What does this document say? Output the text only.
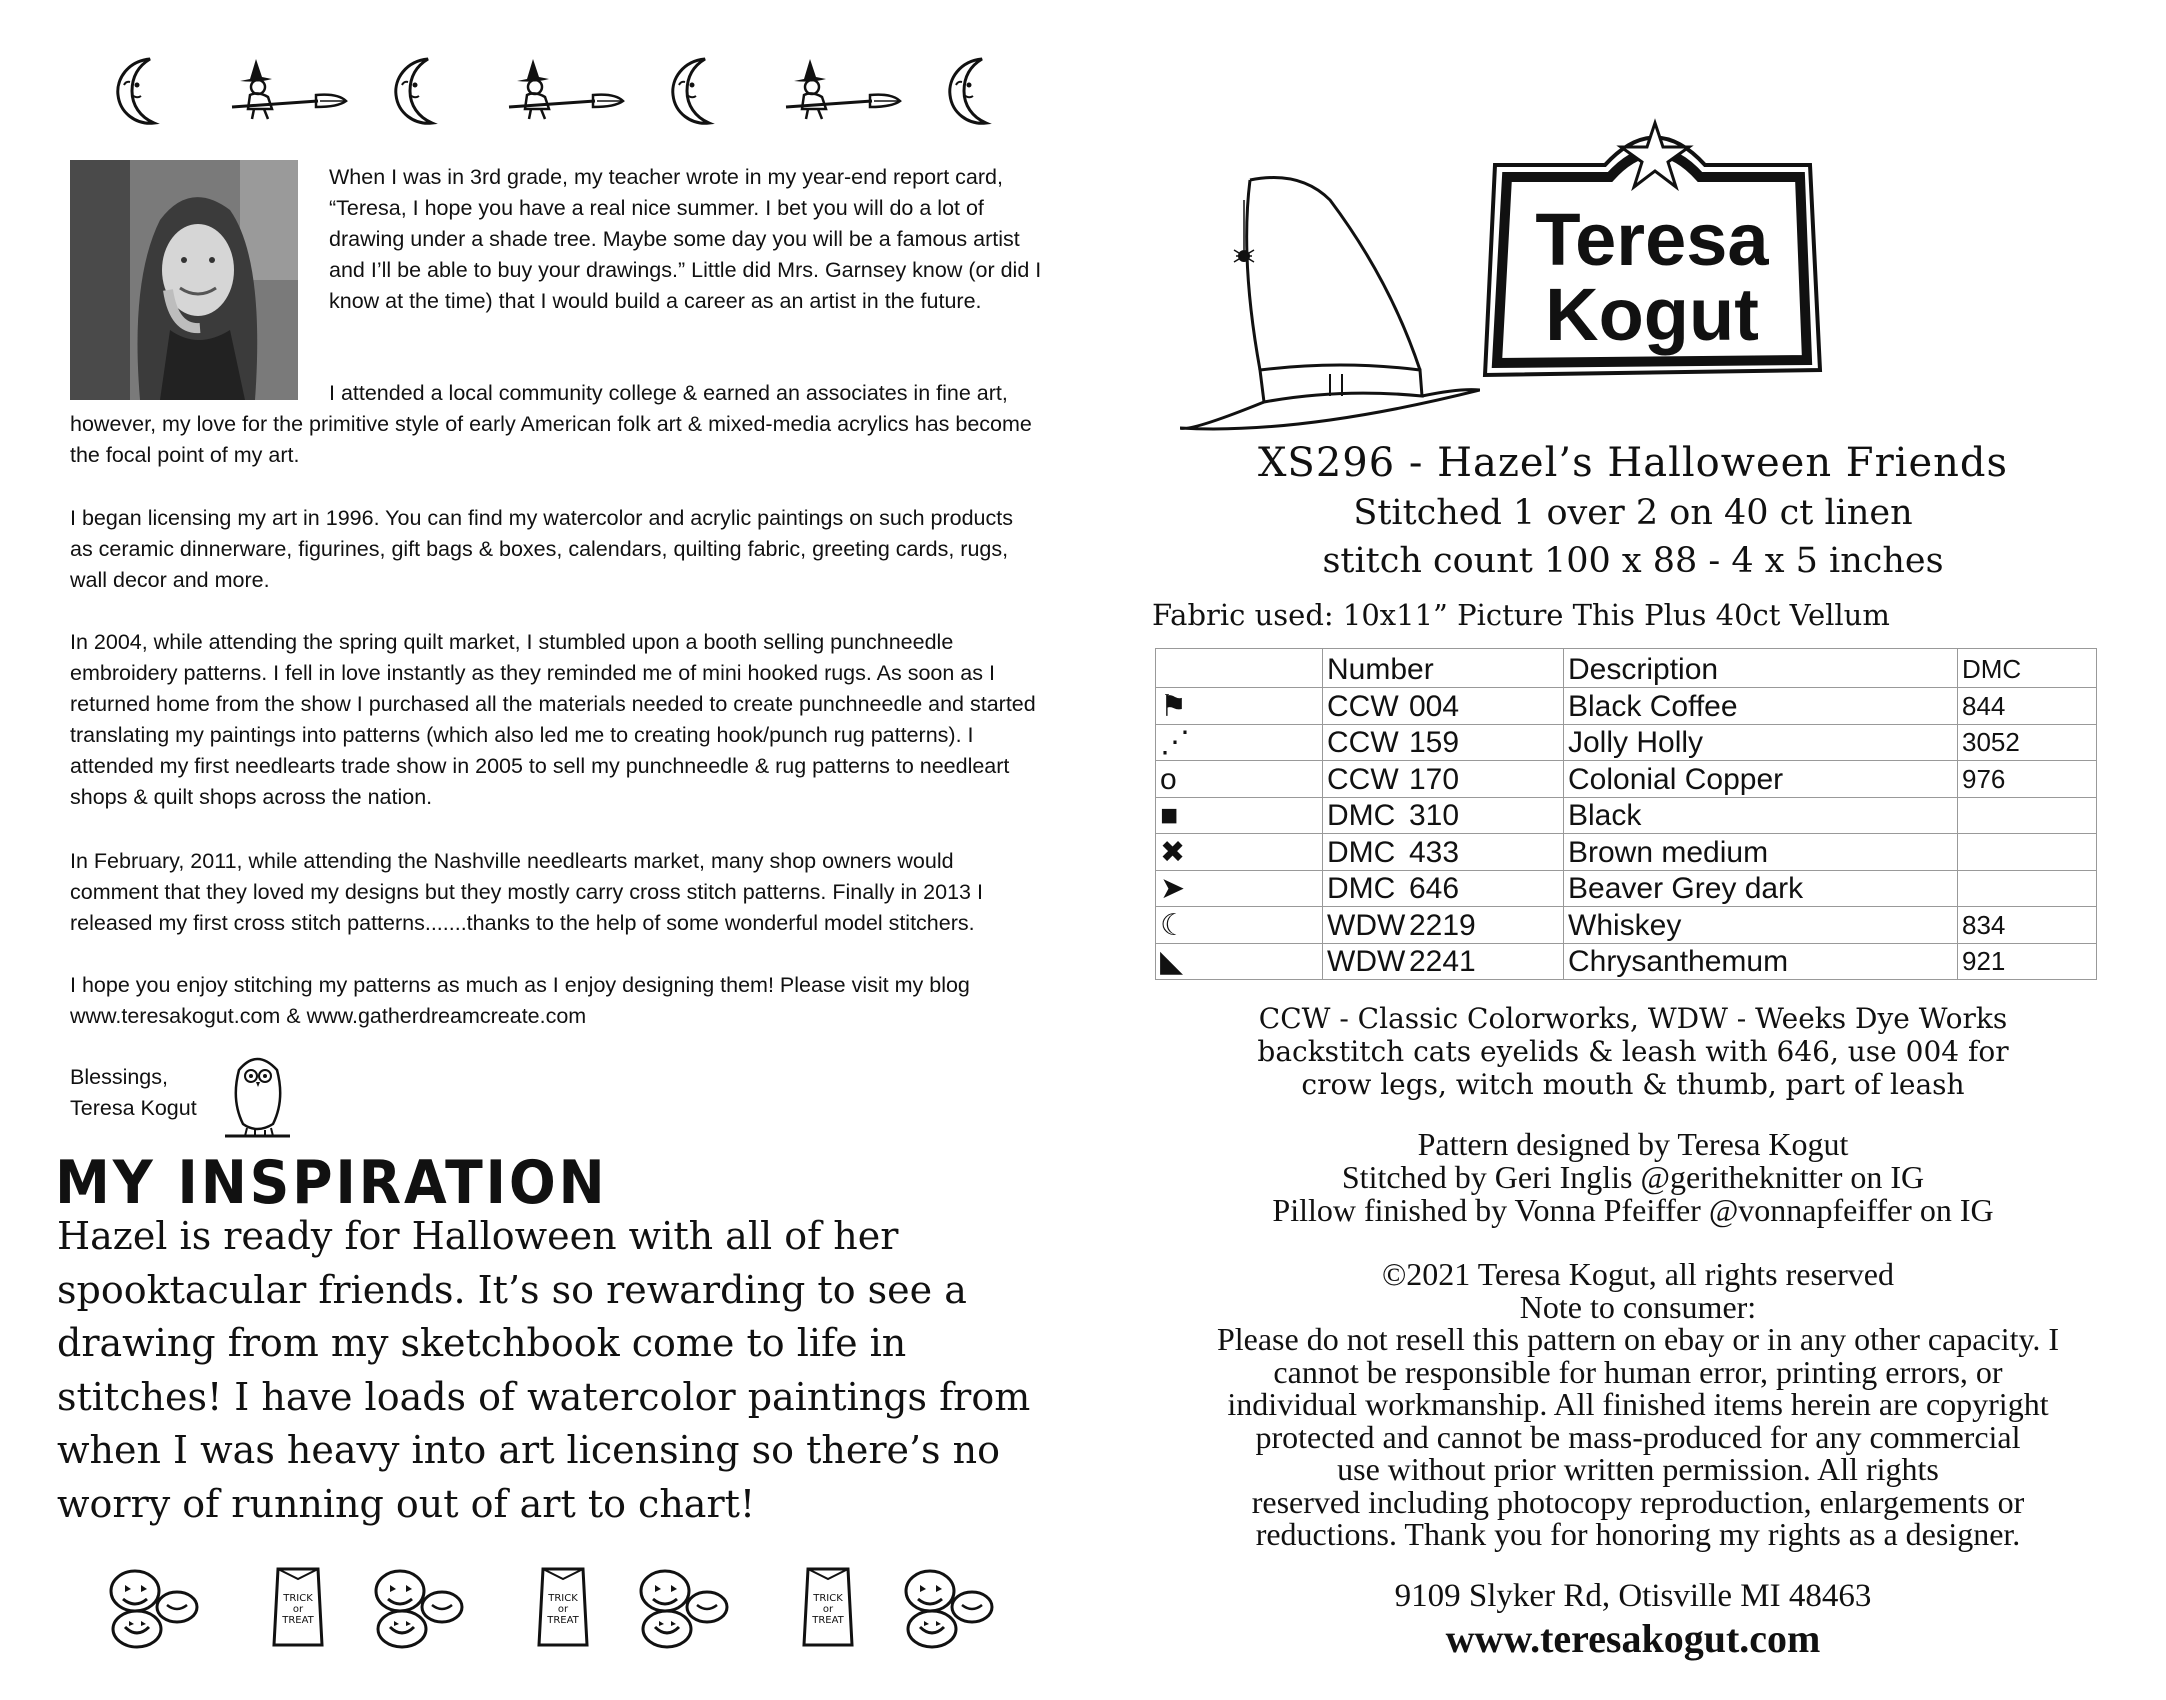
When I was in 3rd grade, my teacher wrote in my year-end report card, “Teresa, I hope you have a real nice summer. I bet you will do a lot of drawing under a shade tree. Maybe some day you will be a famous artist and I’ll be able to buy your drawings.” Little did Mrs. Garnsey know (or did I know at the time) that I would build a career as an artist in the future.

I attended a local community college & earned an associates in fine art, however, my love for the primitive style of early American folk art & mixed-media acrylics has become the focal point of my art.

I began licensing my art in 1996. You can find my watercolor and acrylic paintings on such products as ceramic dinnerware, figurines, gift bags & boxes, calendars, quilting fabric, greeting cards, rugs, wall decor and more.

In 2004, while attending the spring quilt market, I stumbled upon a booth selling punchneedle embroidery patterns. I fell in love instantly as they reminded me of mini hooked rugs. As soon as I returned home from the show I purchased all the materials needed to create punchneedle and started translating my paintings into patterns (which also led me to creating hook/punch rug patterns). I attended my first needlearts trade show in 2005 to sell my punchneedle & rug patterns to needleart shops & quilt shops across the nation.

In February, 2011, while attending the Nashville needlearts market, many shop owners would comment that they loved my designs but they mostly carry cross stitch patterns. Finally in 2013 I released my first cross stitch patterns.......thanks to the help of some wonderful model stitchers.

I hope you enjoy stitching my patterns as much as I enjoy designing them! Please visit my blog www.teresakogut.com & www.gatherdreamcreate.com

Blessings,
Teresa Kogut
MY INSPIRATION

Hazel is ready for Halloween with all of her spooktacular friends. It’s so rewarding to see a drawing from my sketchbook come to life in stitches! I have loads of watercolor paintings from when I was heavy into art licensing so there’s no worry of running out of art to chart!

TRICK
or
TREAT
TRICK
or
TREAT
TRICK
or
TREAT
Teresa
Kogut
XS296 - Hazel’s Halloween Friends
Stitched 1 over 2 on 40 ct linen
stitch count 100 x 88 - 4 x 5 inches
Fabric used: 10x11” Picture This Plus 40ct Vellum
	Number	Description	DMC
⚑	CCW 004	Black Coffee	844
⋰	CCW 159	Jolly Holly	3052
o	CCW 170	Colonial Copper	976
■	DMC 310	Black	
✖	DMC 433	Brown medium	
➤	DMC 646	Beaver Grey dark	
☾	WDW 2219	Whiskey	834
◣	WDW 2241	Chrysanthemum	921
CCW - Classic Colorworks, WDW - Weeks Dye Works
backstitch cats eyelids & leash with 646, use 004 for
crow legs, witch mouth & thumb, part of leash
Pattern designed by Teresa Kogut
Stitched by Geri Inglis @geritheknitter on IG
Pillow finished by Vonna Pfeiffer @vonnapfeiffer on IG
©2021 Teresa Kogut, all rights reserved
Note to consumer:
Please do not resell this pattern on ebay or in any other capacity. I
cannot be responsible for human error, printing errors, or
individual workmanship. All finished items herein are copyright
protected and cannot be mass-produced for any commercial
use without prior written permission. All rights
reserved including photocopy reproduction, enlargements or
reductions. Thank you for honoring my rights as a designer.
9109 Slyker Rd, Otisville MI 48463
www.teresakogut.com
